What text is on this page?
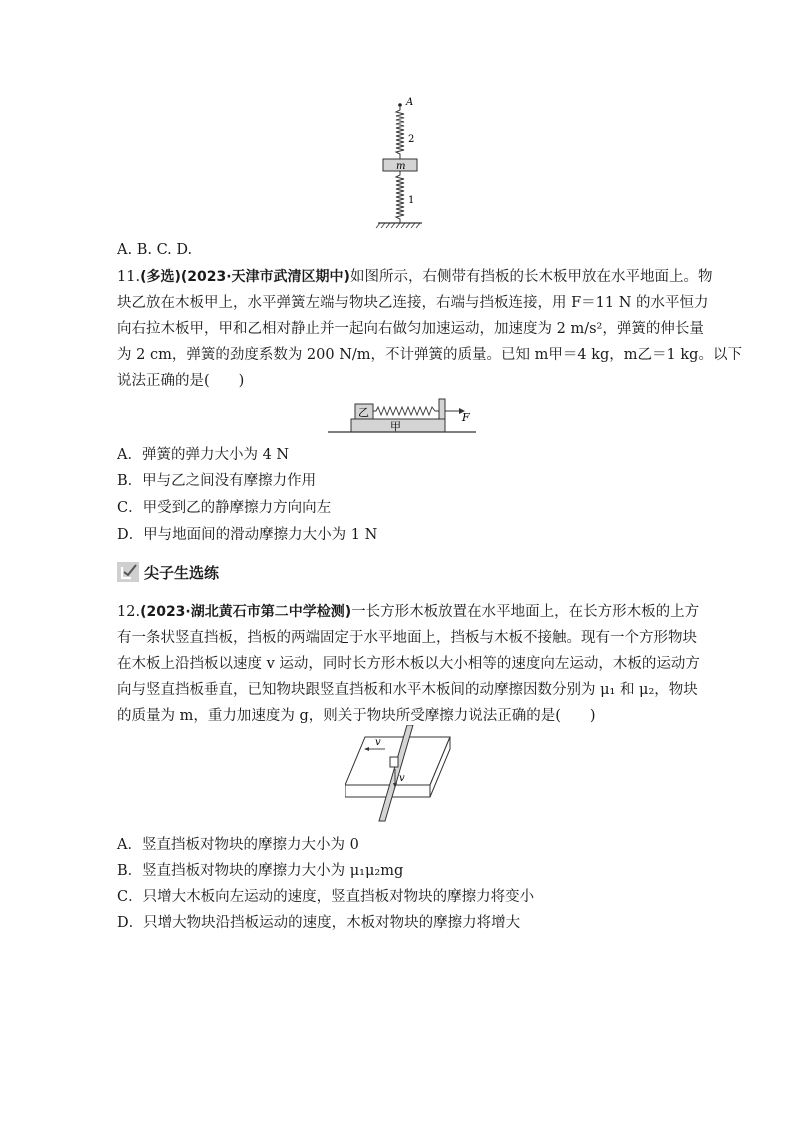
A
2
m
1
A. B. C. D.
11.(多选)(2023·天津市武清区期中)如图所示，右侧带有挡板的长木板甲放在水平地面上。物
块乙放在木板甲上，水平弹簧左端与物块乙连接，右端与挡板连接，用 F＝11 N 的水平恒力
向右拉木板甲，甲和乙相对静止并一起向右做匀加速运动，加速度为 2 m/s²，弹簧的伸长量
为 2 cm，弹簧的劲度系数为 200 N/m，不计弹簧的质量。已知 m甲＝4 kg，m乙＝1 kg。以下
说法正确的是(　　)
甲
乙	F
A．弹簧的弹力大小为 4 N
B．甲与乙之间没有摩擦力作用
C．甲受到乙的静摩擦力方向向左
D．甲与地面间的滑动摩擦力大小为 1 N
尖子生选练
12.(2023·湖北黄石市第二中学检测)一长方形木板放置在水平地面上，在长方形木板的上方
有一条状竖直挡板，挡板的两端固定于水平地面上，挡板与木板不接触。现有一个方形物块
在木板上沿挡板以速度 v 运动，同时长方形木板以大小相等的速度向左运动，木板的运动方
向与竖直挡板垂直，已知物块跟竖直挡板和水平木板间的动摩擦因数分别为 μ₁ 和 μ₂，物块
的质量为 m，重力加速度为 g，则关于物块所受摩擦力说法正确的是(　　)
v
v
A．竖直挡板对物块的摩擦力大小为 0
B．竖直挡板对物块的摩擦力大小为 μ₁μ₂mg
C．只增大木板向左运动的速度，竖直挡板对物块的摩擦力将变小
D．只增大物块沿挡板运动的速度，木板对物块的摩擦力将增大
